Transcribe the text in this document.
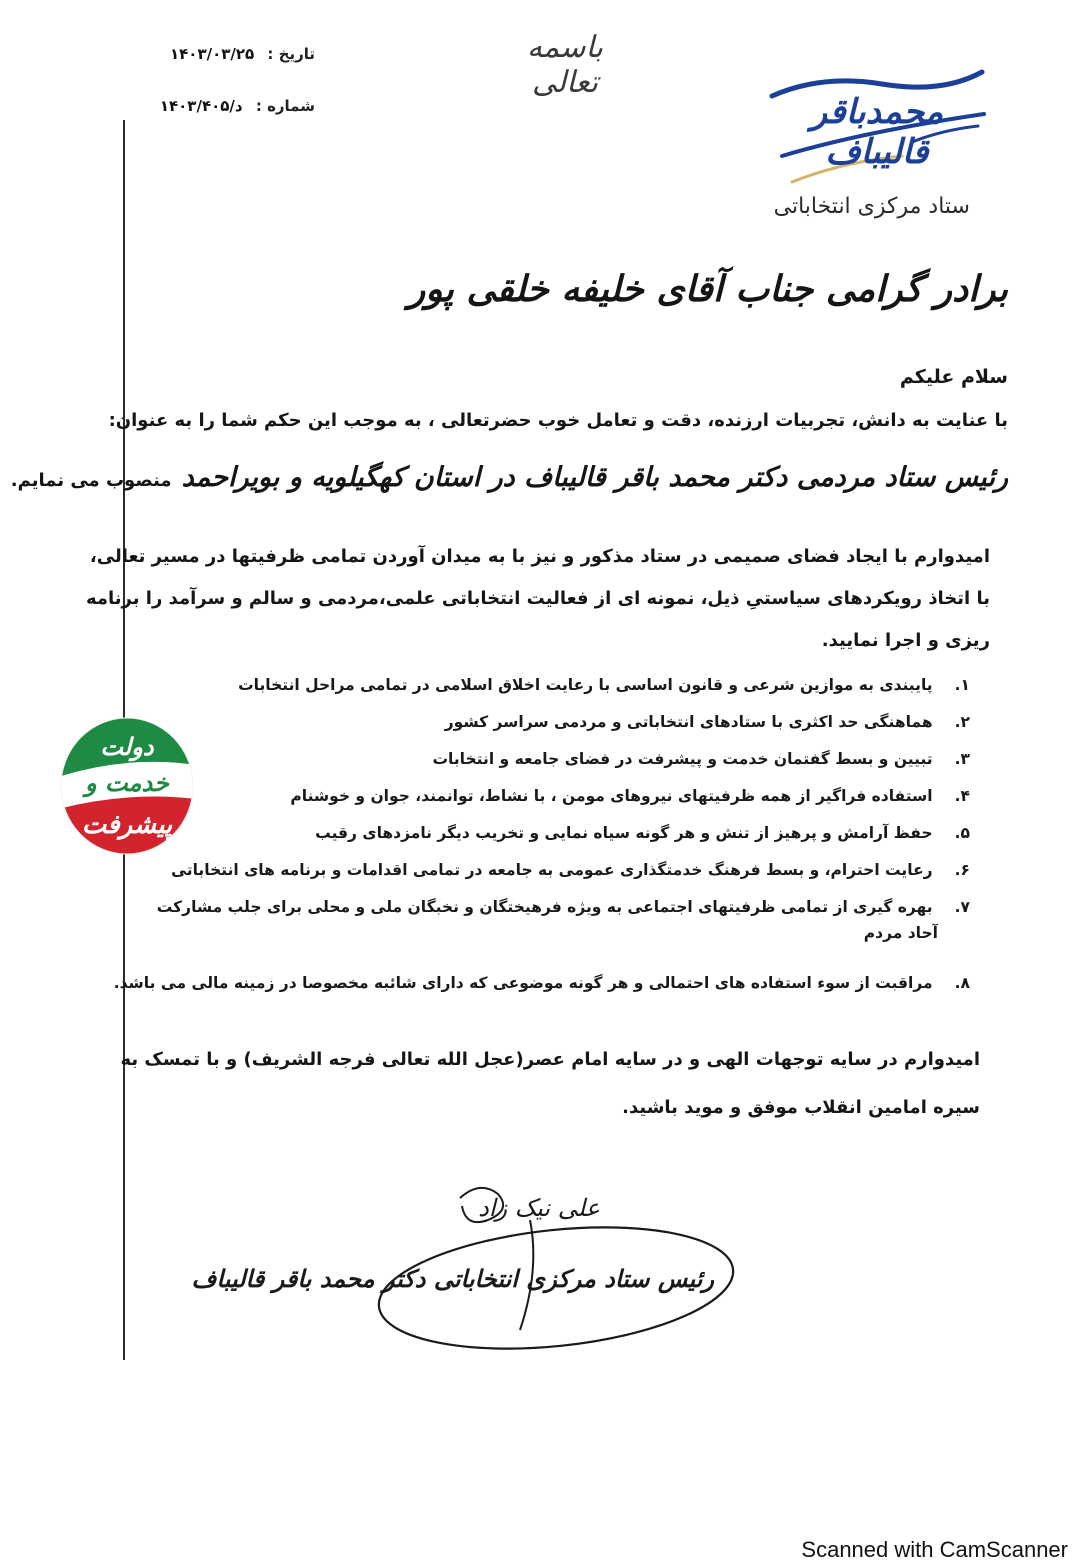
باسمه تعالی
تاریخ : ۱۴۰۳/۰۳/۲۵
شماره : د/۱۴۰۳/۴۰۵	محمدباقر قالیباف
ستاد مرکزی انتخاباتی
برادر گرامی جناب آقای خلیفه خلقی پور
سلام علیکم
با عنایت به دانش، تجربیات ارزنده، دقت و تعامل خوب حضرتعالی ، به موجب این حکم شما را به عنوان:
رئیس ستاد مردمی دکتر محمد باقر قالیباف در استان کهگیلویه و بویراحمدمنصوب می نمایم.
امیدوارم با ایجاد فضای صمیمی در ستاد مذکور و نیز با به میدان آوردن تمامی ظرفیتها در مسیر تعالی،
با اتخاذ رویکردهای سیاستیِ ذیل، نمونه ای از فعالیت انتخاباتی علمی،مردمی و سالم و سرآمد را برنامه
ریزی و اجرا نمایید.
۱. پایبندی به موازین شرعی و قانون اساسی با رعایت اخلاق اسلامی در تمامی مراحل انتخابات
۲. هماهنگی حد اکثری با ستادهای انتخاباتی و مردمی سراسر کشور
۳. تبیین و بسط گفتمان خدمت و پیشرفت در فضای جامعه و انتخابات
۴. استفاده فراگیر از همه ظرفیتهای نیروهای مومن ، با نشاط، توانمند، جوان و خوشنام
۵. حفظ آرامش و پرهیز از تنش و هر گونه سیاه نمایی و تخریب دیگر نامزدهای رقیب
۶. رعایت احترام، و بسط فرهنگ خدمتگذاری عمومی به جامعه در تمامی اقدامات و برنامه های انتخاباتی
۷. بهره گیری از تمامی ظرفیتهای اجتماعی به ویژه فرهیختگان و نخبگان ملی و محلی برای جلب مشارکت
آحاد مردم
۸. مراقبت از سوء استفاده های احتمالی و هر گونه موضوعی که دارای شائبه مخصوصا در زمینه مالی می باشد.
امیدوارم در سایه توجهات الهی و در سایه امام عصر(عجل الله تعالی فرجه الشریف) و با تمسک به
سیره امامین انقلاب موفق و موید باشید.
دولت
خدمت و
پیشرفت
علی نیک زاد
رئیس ستاد مرکزی انتخاباتی دکتر محمد باقر قالیباف
Scanned with CamScanner
